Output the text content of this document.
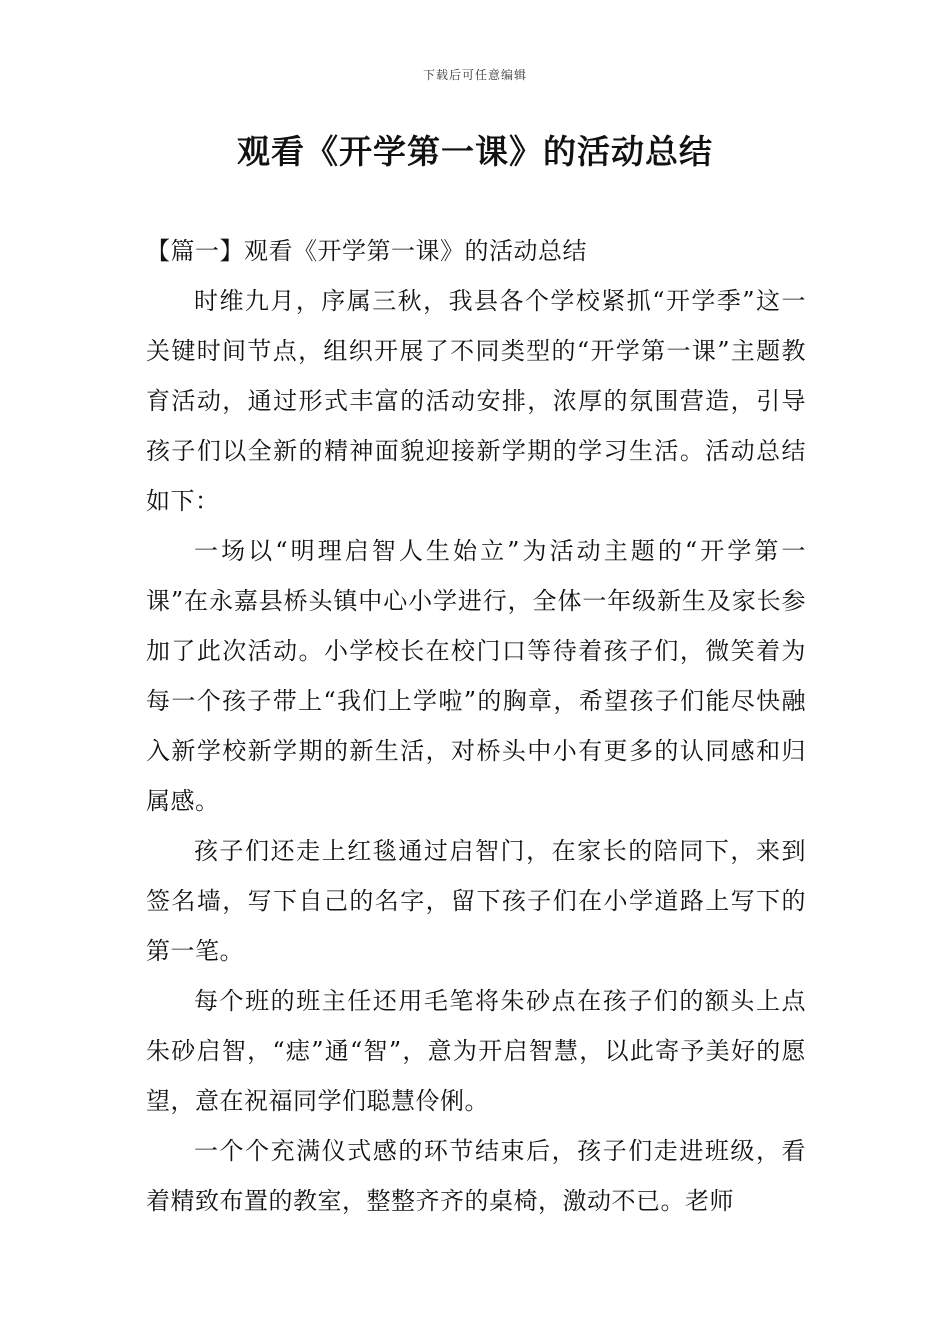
下载后可任意编辑
观看《开学第一课》的活动总结

【篇一】观看《开学第一课》的活动总结

时维九月，序属三秋，我县各个学校紧抓“开学季”这一关键时间节点，组织开展了不同类型的“开学第一课”主题教育活动，通过形式丰富的活动安排，浓厚的氛围营造，引导孩子们以全新的精神面貌迎接新学期的学习生活。活动总结如下：

一场以“明理启智人生始立”为活动主题的“开学第一课”在永嘉县桥头镇中心小学进行，全体一年级新生及家长参加了此次活动。小学校长在校门口等待着孩子们，微笑着为每一个孩子带上“我们上学啦”的胸章，希望孩子们能尽快融入新学校新学期的新生活，对桥头中小有更多的认同感和归属感。

孩子们还走上红毯通过启智门，在家长的陪同下，来到签名墙，写下自己的名字，留下孩子们在小学道路上写下的第一笔。

每个班的班主任还用毛笔将朱砂点在孩子们的额头上点朱砂启智，“痣”通“智”，意为开启智慧，以此寄予美好的愿望，意在祝福同学们聪慧伶俐。

一个个充满仪式感的环节结束后，孩子们走进班级，看着精致布置的教室，整整齐齐的桌椅，激动不已。老师
